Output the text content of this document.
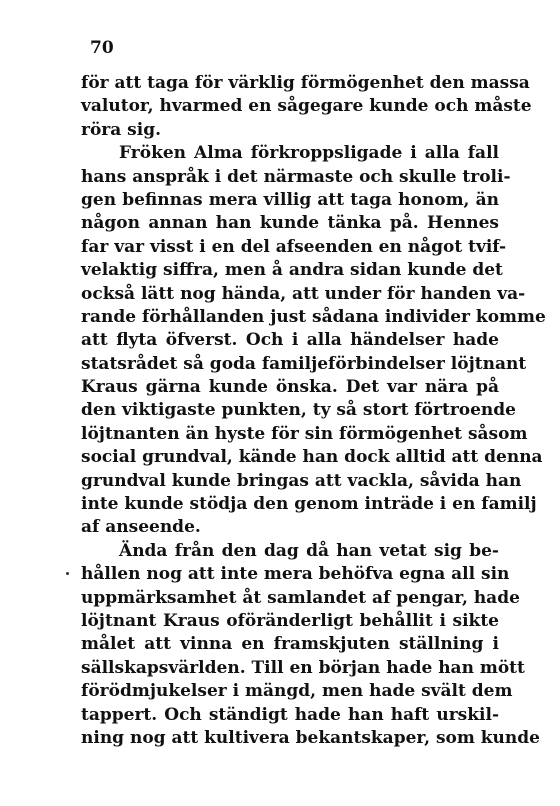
70
för att taga för värklig förmögenhet den massa
valutor, hvarmed en sågegare kunde och måste
röra sig.
Fröken Alma förkroppsligade i alla fall
hans anspråk i det närmaste och skulle troli-
gen befinnas mera villig att taga honom, än
någon annan han kunde tänka på. Hennes
far var visst i en del afseenden en något tvif-
velaktig siffra, men å andra sidan kunde det
också lätt nog hända, att under för handen va-
rande förhållanden just sådana individer komme
att flyta öfverst. Och i alla händelser hade
statsrådet så goda familjeförbindelser löjtnant
Kraus gärna kunde önska. Det var nära på
den viktigaste punkten, ty så stort förtroende
löjtnanten än hyste för sin förmögenhet såsom
social grundval, kände han dock alltid att denna
grundval kunde bringas att vackla, såvida han
inte kunde stödja den genom inträde i en familj
af anseende.
Ända från den dag då han vetat sig be-
hållen nog att inte mera behöfva egna all sin
uppmärksamhet åt samlandet af pengar, hade
löjtnant Kraus oföränderligt behållit i sikte
målet att vinna en framskjuten ställning i
sällskapsvärlden. Till en början hade han mött
förödmjukelser i mängd, men hade svält dem
tappert. Och ständigt hade han haft urskil-
ning nog att kultivera bekantskaper, som kunde
